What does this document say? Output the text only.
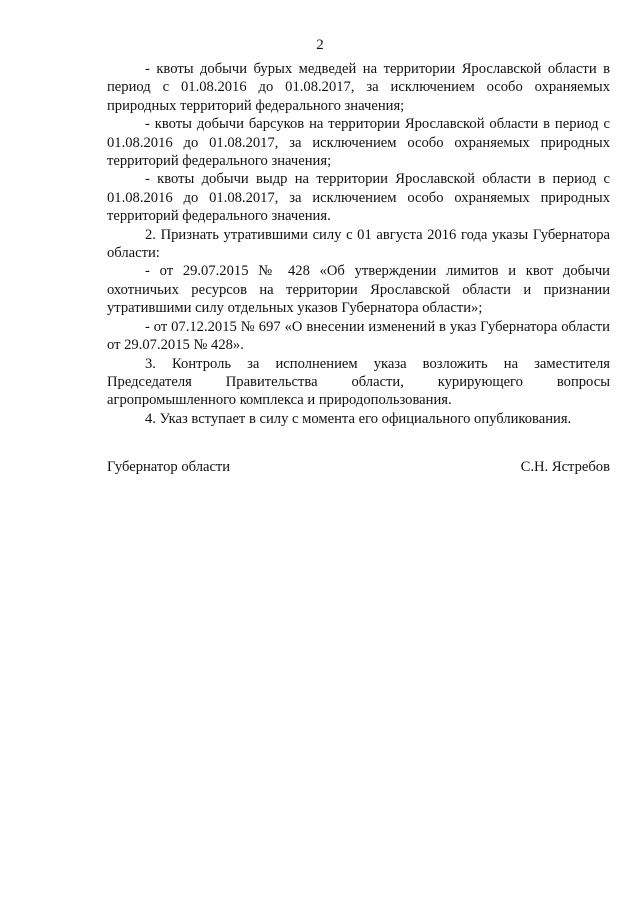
2

- квоты добычи бурых медведей на территории Ярославской области в период с 01.08.2016 до 01.08.2017, за исключением особо охраняемых природных территорий федерального значения;

- квоты добычи барсуков на территории Ярославской области в период с 01.08.2016 до 01.08.2017, за исключением особо охраняемых природных территорий федерального значения;

- квоты добычи выдр на территории Ярославской области в период с 01.08.2016 до 01.08.2017, за исключением особо охраняемых природных территорий федерального значения.

2. Признать утратившими силу с 01 августа 2016 года указы Губернатора области:

- от 29.07.2015 № 428 «Об утверждении лимитов и квот добычи охотничьих ресурсов на территории Ярославской области и признании утратившими силу отдельных указов Губернатора области»;

- от 07.12.2015 № 697 «О внесении изменений в указ Губернатора области от 29.07.2015 № 428».

3. Контроль за исполнением указа возложить на заместителя Председателя Правительства области, курирующего вопросы агропромышленного комплекса и природопользования.

4. Указ вступает в силу с момента его официального опубликования.

Губернатор области	С.Н. Ястребов
